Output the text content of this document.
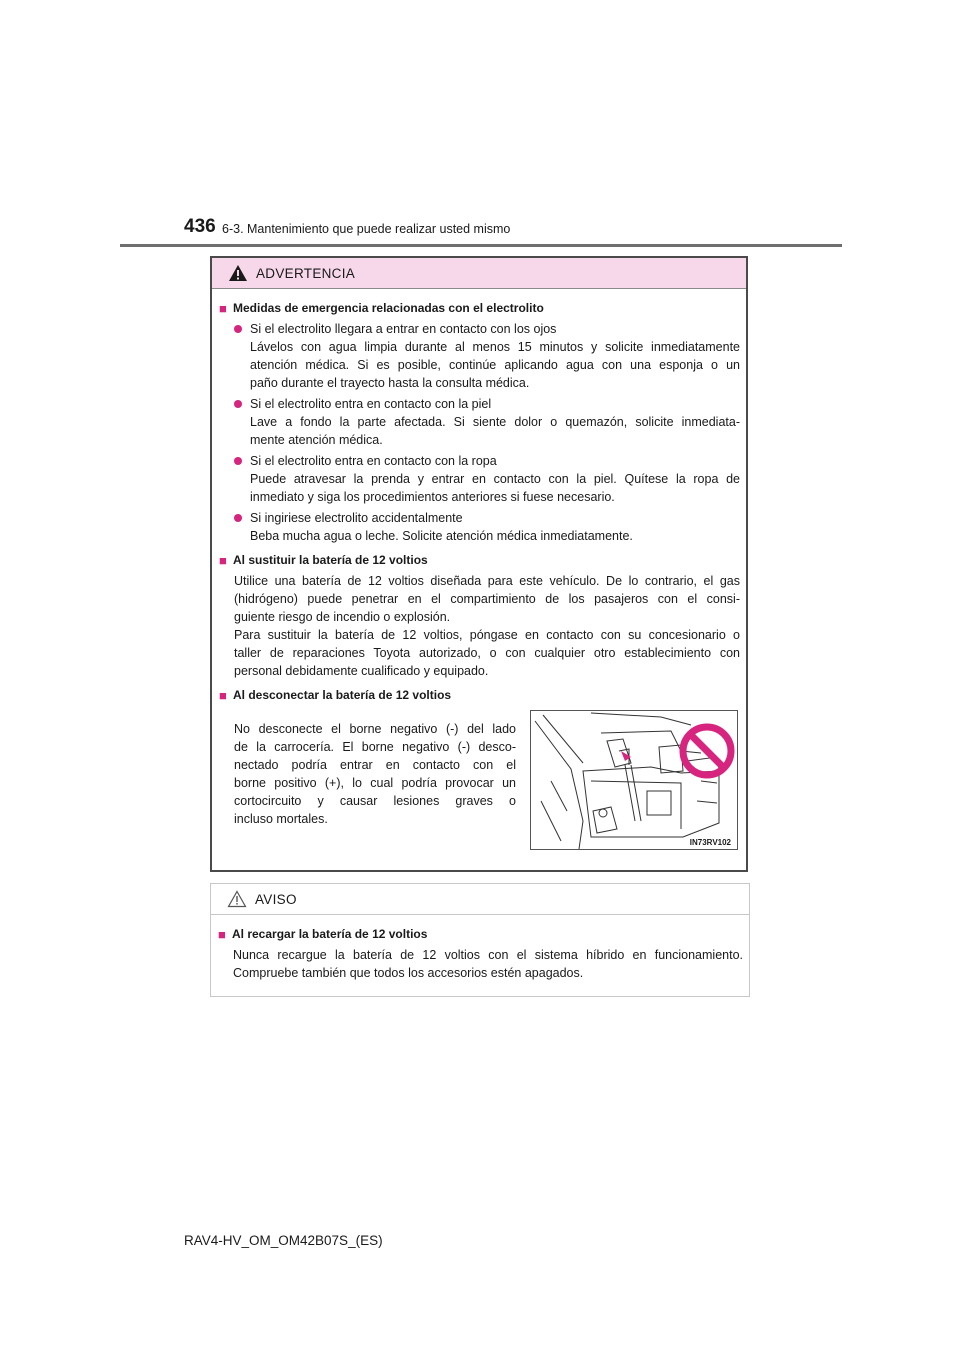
436 6-3. Mantenimiento que puede realizar usted mismo
ADVERTENCIA
■ Medidas de emergencia relacionadas con el electrolito
Si el electrolito llegara a entrar en contacto con los ojos
Lávelos con agua limpia durante al menos 15 minutos y solicite inmediatamente
atención médica. Si es posible, continúe aplicando agua con una esponja o un
paño durante el trayecto hasta la consulta médica.
Si el electrolito entra en contacto con la piel
Lave a fondo la parte afectada. Si siente dolor o quemazón, solicite inmediata-
mente atención médica.
Si el electrolito entra en contacto con la ropa
Puede atravesar la prenda y entrar en contacto con la piel. Quítese la ropa de
inmediato y siga los procedimientos anteriores si fuese necesario.
Si ingiriese electrolito accidentalmente
Beba mucha agua o leche. Solicite atención médica inmediatamente.
■ Al sustituir la batería de 12 voltios
Utilice una batería de 12 voltios diseñada para este vehículo. De lo contrario, el gas
(hidrógeno) puede penetrar en el compartimiento de los pasajeros con el consi-
guiente riesgo de incendio o explosión.
Para sustituir la batería de 12 voltios, póngase en contacto con su concesionario o
taller de reparaciones Toyota autorizado, o con cualquier otro establecimiento con
personal debidamente cualificado y equipado.
■ Al desconectar la batería de 12 voltios
No desconecte el borne negativo (-) del lado
de la carrocería. El borne negativo (-) desco-
nectado podría entrar en contacto con el
borne positivo (+), lo cual podría provocar un
cortocircuito y causar lesiones graves o
incluso mortales.
IN73RV102
AVISO
■ Al recargar la batería de 12 voltios
Nunca recargue la batería de 12 voltios con el sistema híbrido en funcionamiento.
Compruebe también que todos los accesorios estén apagados.
RAV4-HV_OM_OM42B07S_(ES)
